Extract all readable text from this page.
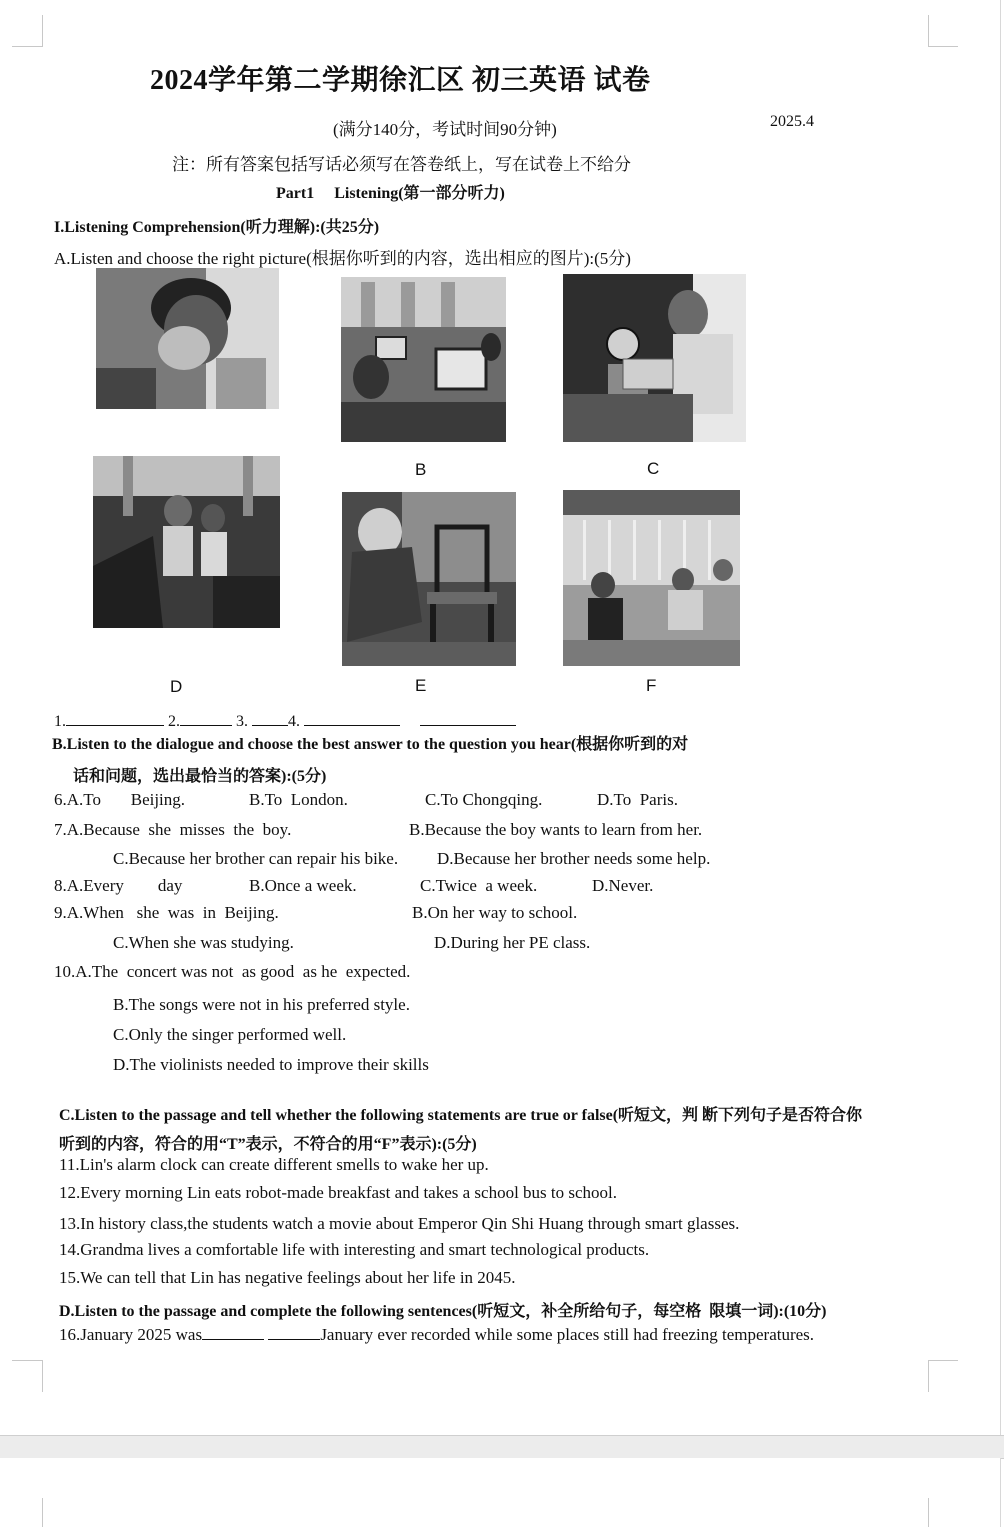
2024学年第二学期徐汇区 初三英语 试卷
(满分140分，考试时间90分钟)	2025.4
注：所有答案包括写话必须写在答卷纸上，写在试卷上不给分
Part1     Listening(第一部分听力)
I.Listening Comprehension(听力理解):(共25分)
A.Listen and choose the right picture(根据你听到的内容，选出相应的图片):(5分)
B	C
D	E	F
1.	2.	3.	4.
B.Listen to the dialogue and choose the best answer to the question you hear(根据你听到的对
话和问题，选出最恰当的答案):(5分)
6.A.To       Beijing.	B.To  London.	C.To Chongqing.	D.To  Paris.
7.A.Because  she  misses  the  boy.	B.Because the boy wants to learn from her.
C.Because her brother can repair his bike. D.Because her brother needs some help.
8.A.Every        day	B.Once a week.	C.Twice  a week.	D.Never.
9.A.When   she  was  in  Beijing.	B.On her way to school.
C.When she was studying.	D.During her PE class.
10.A.The  concert was not  as good  as he  expected.
B.The songs were not in his preferred style.
C.Only the singer performed well.
D.The violinists needed to improve their skills
C.Listen to the passage and tell whether the following statements are true or false(听短文，判 断下列句子是否符合你
听到的内容，符合的用“T”表示，不符合的用“F”表示):(5分)
11.Lin's alarm clock can create different smells to wake her up.
12.Every morning Lin eats robot-made breakfast and takes a school bus to school.
13.In history class,the students watch a movie about Emperor Qin Shi Huang through smart glasses.
14.Grandma lives a comfortable life with interesting and smart technological products.
15.We can tell that Lin has negative feelings about her life in 2045.
D.Listen to the passage and complete the following sentences(听短文，补全所给句子，每空格  限填一词):(10分)
16.January 2025 was	January ever recorded while some places still had freezing temperatures.
